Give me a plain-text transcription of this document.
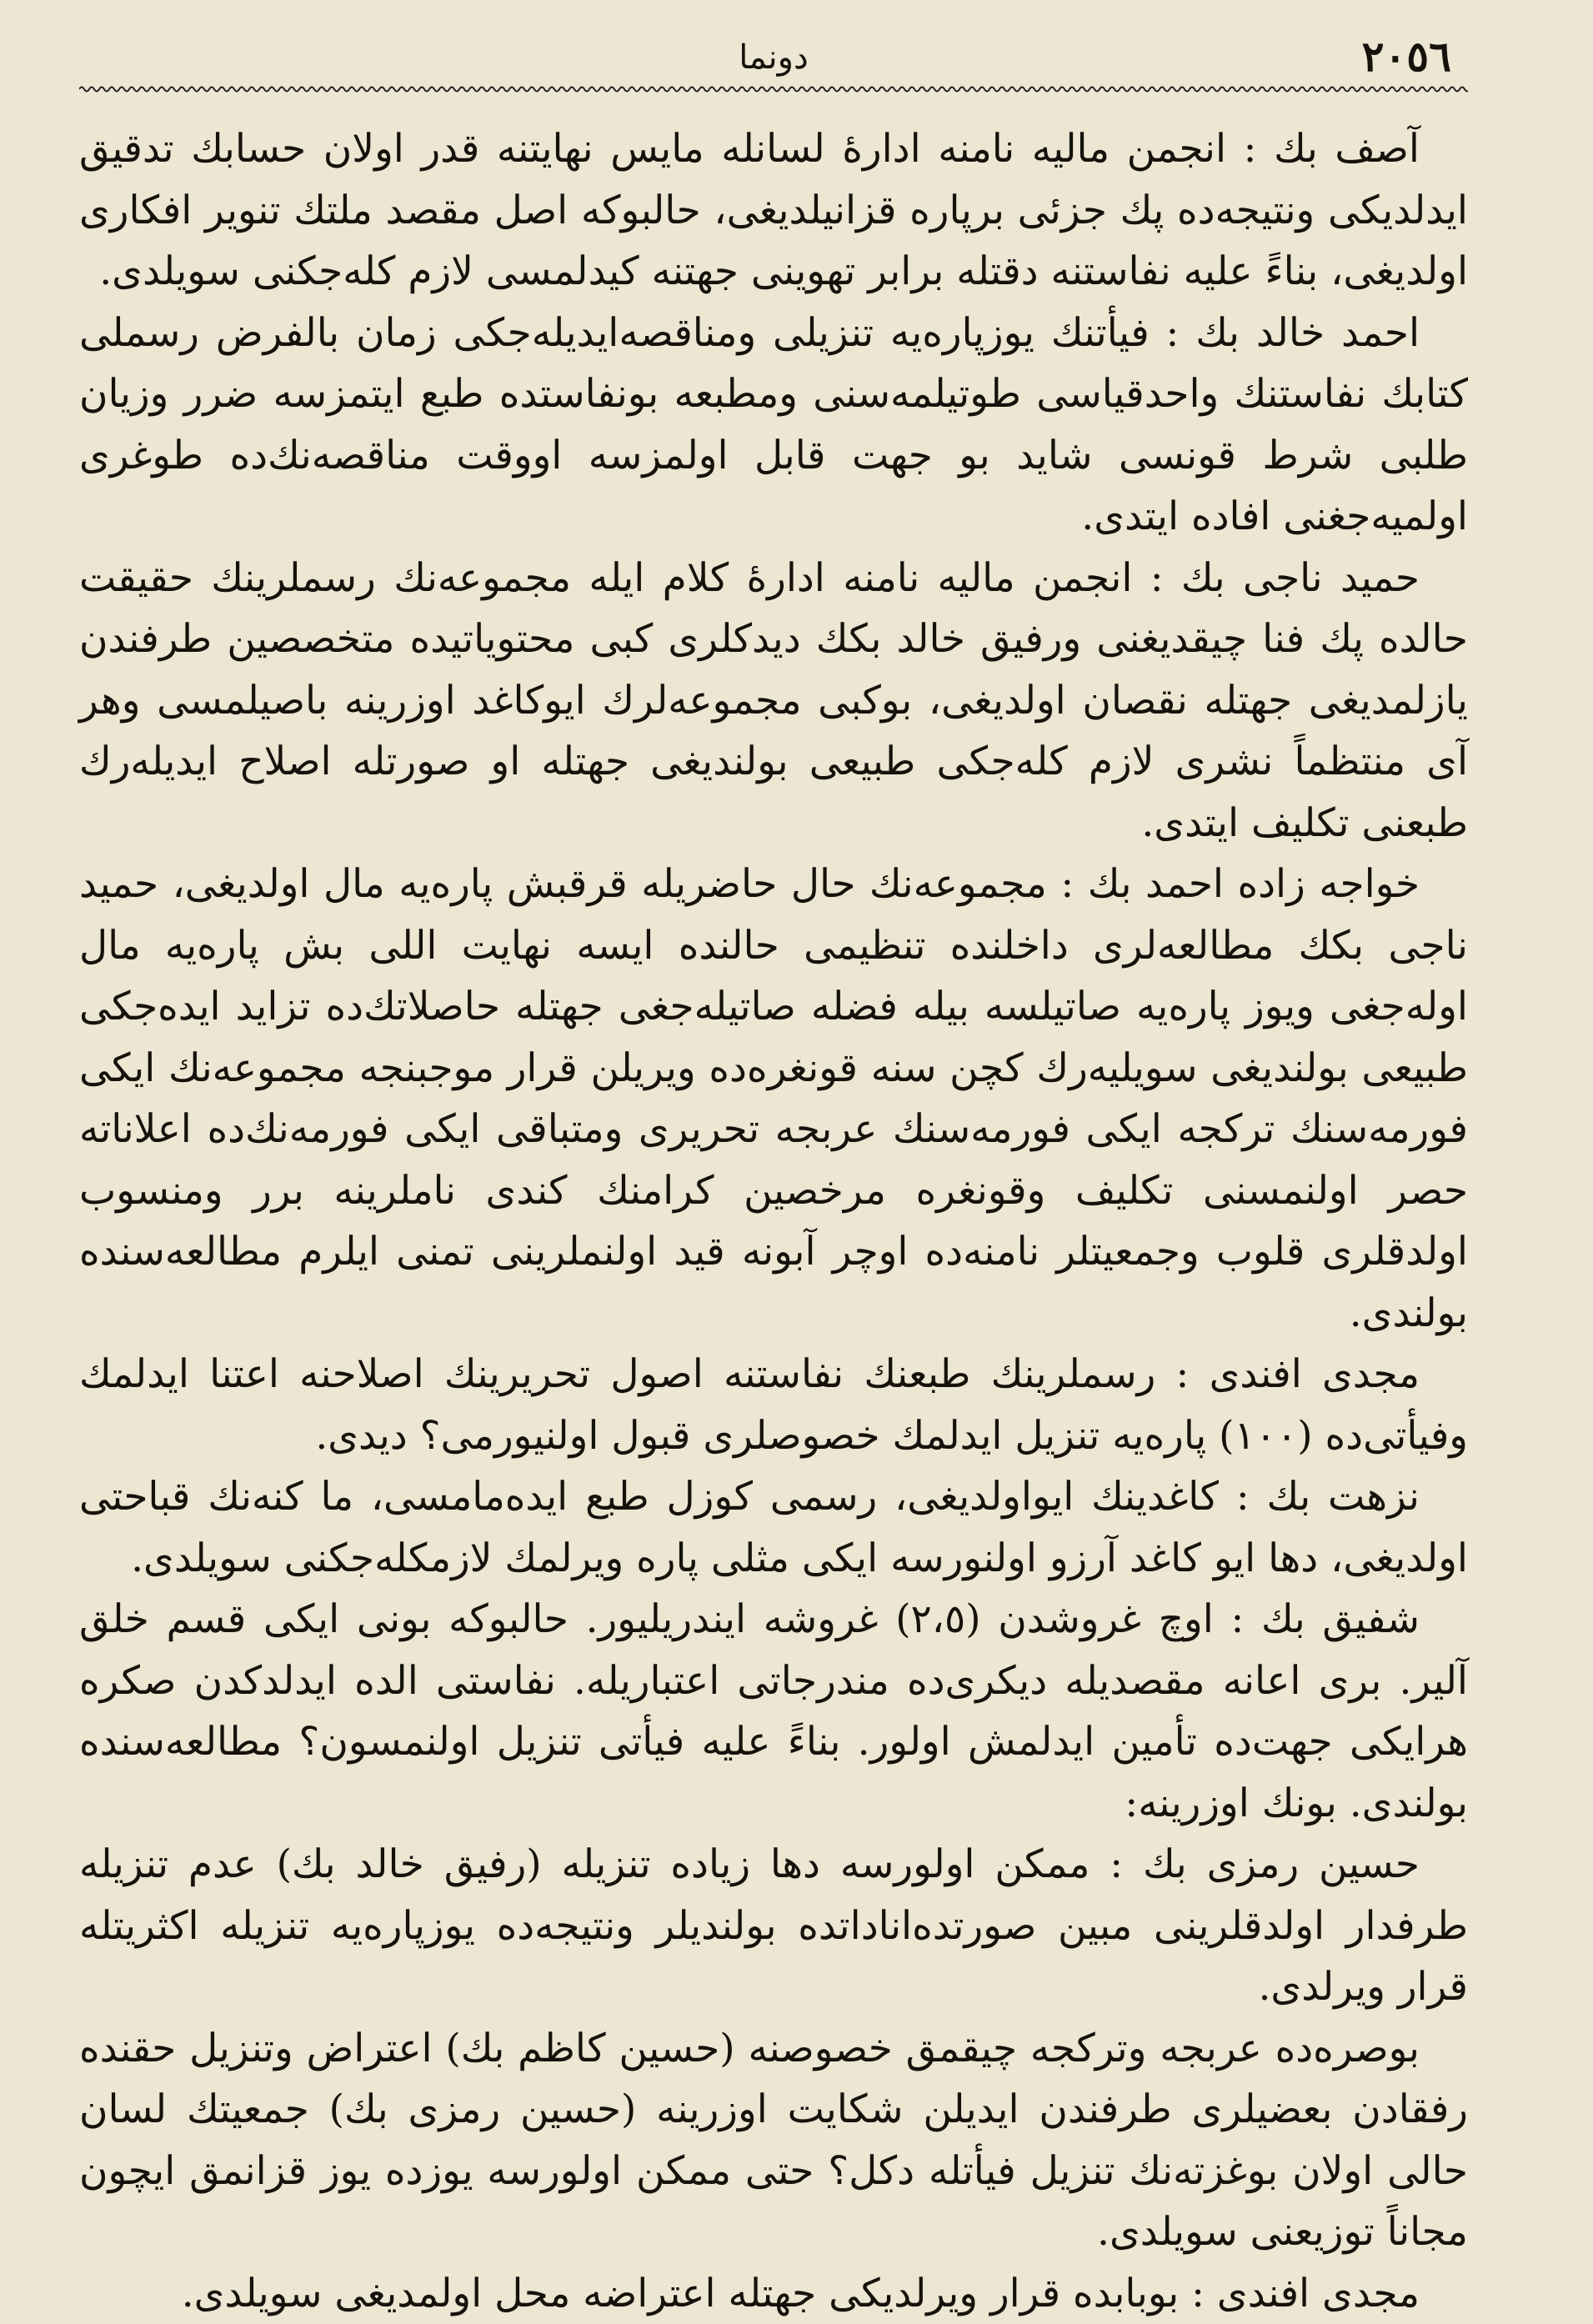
٢٠٥٦
دونما

آصف بك : انجمن ماليه نامنه ادارهٔ لسانله مايس نهايتنه قدر اولان حسابك تدقيق ايدلديكى ونتيجه‌ده پك جزئى برپاره قزانيلديغى، حالبوكه اصل مقصد ملتك تنوير افكارى اولديغى، بناءً عليه نفاستنه دقتله برابر تهوينى جهتنه كيدلمسى لازم كله‌جكنى سويلدى.

احمد خالد بك : فيأتنك يوزپاره‌يه تنزيلى ومناقصه‌ايديله‌جكى زمان بالفرض رسملى كتابك نفاستنك واحدقياسى طوتيلمه‌سنى ومطبعه بونفاستده طبع ايتمزسه ضرر وزيان طلبى شرط قونسى شايد بو جهت قابل اولمزسه اووقت مناقصه‌نك‌ده طوغرى اولميه‌جغنى افاده ايتدى.

حميد ناجى بك : انجمن ماليه نامنه ادارهٔ كلام ايله مجموعه‌نك رسملرينك حقيقت حالده پك فنا چيقديغنى ورفيق خالد بكك ديدكلرى كبى محتوياتيده متخصصين طرفندن يازلمديغى جهتله نقصان اولديغى، بوكبى مجموعه‌لرك ايوكاغد اوزرينه باصيلمسى وهر آى منتظماً نشرى لازم كله‌جكى طبيعى بولنديغى جهتله او صورتله اصلاح ايديله‌رك طبعنى تكليف ايتدى.

خواجه زاده احمد بك : مجموعه‌نك حال حاضريله قرقبش پاره‌يه مال اولديغى، حميد ناجى بكك مطالعه‌لرى داخلنده تنظيمى حالنده ايسه نهايت اللى بش پاره‌يه مال اوله‌جغى ويوز پاره‌يه صاتيلسه بيله فضله صاتيله‌جغى جهتله حاصلاتك‌ده تزايد ايده‌جكى طبيعى بولنديغى سويليه‌رك كچن سنه قونغره‌ده ويريلن قرار موجبنجه مجموعه‌نك ايكى فورمه‌سنك تركجه ايكى فورمه‌سنك عربجه تحريرى ومتباقى ايكى فورمه‌نك‌ده اعلاناته حصر اولنمسنى تكليف وقونغره مرخصين كرامنك كندى ناملرينه برر ومنسوب اولدقلرى قلوب وجمعيتلر نامنه‌ده اوچر آبونه قيد اولنملرينى تمنى ايلرم مطالعه‌سنده بولندى.

مجدى افندى : رسملرينك طبعنك نفاستنه اصول تحريرينك اصلاحنه اعتنا ايدلمك وفيأتى‌ده (١٠٠) پاره‌يه تنزيل ايدلمك خصوصلرى قبول اولنيورمى؟ ديدى.

نزهت بك : كاغدينك ايواولديغى، رسمى كوزل طبع ايده‌مامسى، ما كنه‌نك قباحتى اولديغى، دها ايو كاغد آرزو اولنورسه ايكى مثلى پاره ويرلمك لازمكله‌جكنى سويلدى.

شفيق بك : اوچ غروشدن (٢،٥) غروشه ايندريليور. حالبوكه بونى ايكى قسم خلق آلير. برى اعانه مقصديله ديكرى‌ده مندرجاتى اعتباريله. نفاستى الده ايدلدكدن صكره هرايكى جهت‌ده تأمين ايدلمش اولور. بناءً عليه فيأتى تنزيل اولنمسون؟ مطالعه‌سنده بولندى. بونك اوزرينه:

حسين رمزى بك : ممكن اولورسه دها زياده تنزيله (رفيق خالد بك) عدم تنزيله طرفدار اولدقلرينى مبين صورتده‌اناداتده بولنديلر ونتيجه‌ده يوزپاره‌يه تنزيله اكثريتله قرار ويرلدى.

بوصره‌ده عربجه وتركجه چيقمق خصوصنه (حسين كاظم بك) اعتراض وتنزيل حقنده رفقادن بعضيلرى طرفندن ايديلن شكايت اوزرينه (حسين رمزى بك) جمعيتك لسان حالى اولان بوغزته‌نك تنزيل فيأتله دكل؟ حتى ممكن اولورسه يوزده يوز قزانمق ايچون مجاناً توزيعنى سويلدى.

مجدى افندى : بوبابده قرار ويرلديكى جهتله اعتراضه محل اولمديغى سويلدى.
